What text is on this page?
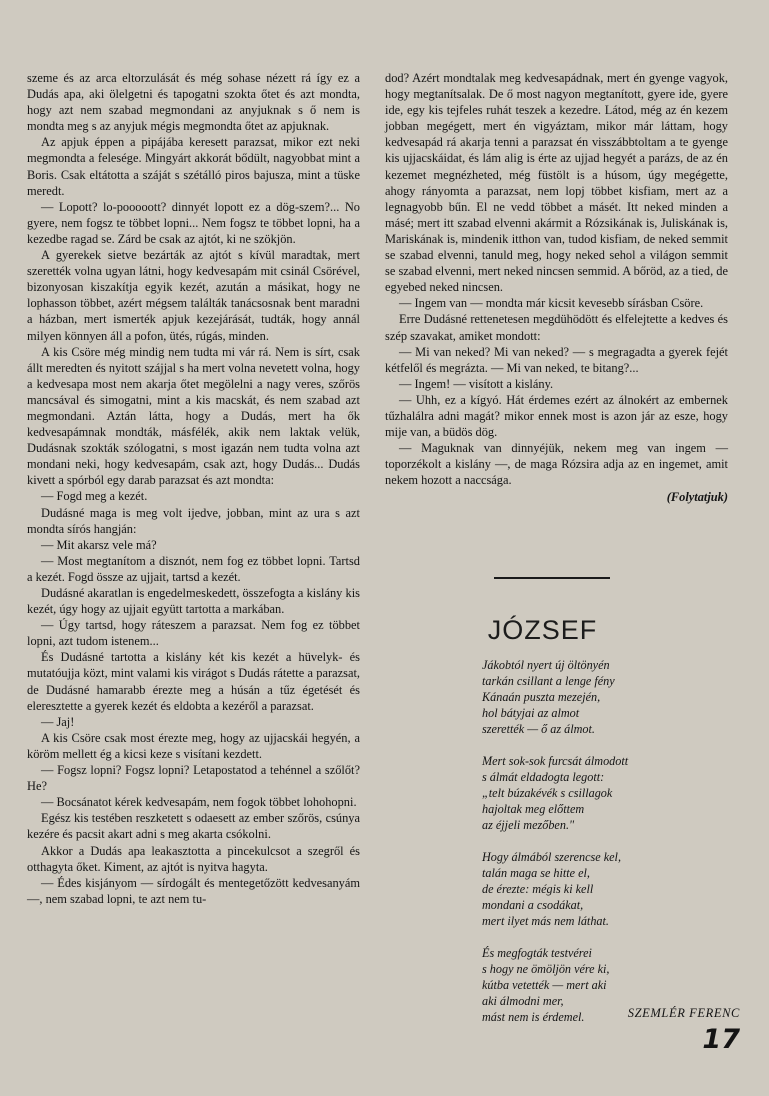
szeme és az arca eltorzulását és még sohase nézett rá így ez a Dudás apa, aki ölelgetni és tapogatni szokta őtet és azt mondta, hogy azt nem szabad megmondani az anyjuknak s ő nem is mondta meg s az anyjuk mégis megmondta őtet az apjuknak.

Az apjuk éppen a pipájába keresett parazsat, mikor ezt neki megmondta a felesége. Mingyárt akkorát bődült, nagyobbat mint a Boris. Csak eltátotta a száját s szétálló piros bajusza, mint a tüske meredt.

— Lopott? lo-pooooott? dinnyét lopott ez a dög-szem?... No gyere, nem fogsz te többet lopni... Nem fogsz te többet lopni, ha a kezedbe ragad se. Zárd be csak az ajtót, ki ne szökjön.

A gyerekek sietve bezárták az ajtót s kívül maradtak, mert szerették volna ugyan látni, hogy kedvesapám mit csinál Csörével, bizonyosan kiszakítja egyik kezét, azután a másikat, hogy ne lophasson többet, azért mégsem találták tanácsosnak bent maradni a házban, mert ismerték apjuk kezejárását, tudták, hogy annál milyen könnyen áll a pofon, ütés, rúgás, minden.

A kis Csöre még mindig nem tudta mi vár rá. Nem is sírt, csak állt meredten és nyitott szájjal s ha mert volna nevetett volna, hogy a kedvesapa most nem akarja őtet megölelni a nagy veres, szőrös mancsával és simogatni, mint a kis macskát, és nem szabad azt megmondani. Aztán látta, hogy a Dudás, mert ha ők kedvesapámnak mondták, másfélék, akik nem laktak velük, Dudásnak szokták szólogatni, s most igazán nem tudta volna azt mondani neki, hogy kedvesapám, csak azt, hogy Dudás... Dudás kivett a spórból egy darab parazsat és azt mondta:

— Fogd meg a kezét.

Dudásné maga is meg volt ijedve, jobban, mint az ura s azt mondta sírós hangján:

— Mit akarsz vele má?

— Most megtanítom a disznót, nem fog ez többet lopni. Tartsd a kezét. Fogd össze az ujjait, tartsd a kezét.

Dudásné akaratlan is engedelmeskedett, összefogta a kislány kis kezét, úgy hogy az ujjait együtt tartotta a markában.

— Úgy tartsd, hogy ráteszem a parazsat. Nem fog ez többet lopni, azt tudom istenem...

És Dudásné tartotta a kislány két kis kezét a hüvelyk- és mutatóujja közt, mint valami kis virágot s Dudás rátette a parazsat, de Dudásné hamarabb érezte meg a húsán a tűz égetését és eleresztette a gyerek kezét és eldobta a kezéről a parazsat.

— Jaj!

A kis Csöre csak most érezte meg, hogy az ujjacskái hegyén, a köröm mellett ég a kicsi keze s visítani kezdett.

— Fogsz lopni? Fogsz lopni? Letapostatod a tehénnel a szőlőt? He?

— Bocsánatot kérek kedvesapám, nem fogok többet lohohopni.

Egész kis testében reszketett s odaesett az ember szőrös, csúnya kezére és pacsit akart adni s meg akarta csókolni.

Akkor a Dudás apa leakasztotta a pincekulcsot a szegről és otthagyta őket. Kiment, az ajtót is nyitva hagyta.

— Édes kisjányom — sírdogált és mentegetőzött kedvesanyám —, nem szabad lopni, te azt nem tu-

dod? Azért mondtalak meg kedvesapádnak, mert én gyenge vagyok, hogy megtanítsalak. De ő most nagyon megtanított, gyere ide, gyere ide, egy kis tejfeles ruhát teszek a kezedre. Látod, még az én kezem jobban megégett, mert én vigyáztam, mikor már láttam, hogy kedvesapád rá akarja tenni a parazsat én visszábbtoltam a te gyenge kis ujjacskáidat, és lám alig is érte az ujjad hegyét a parázs, de az én kezemet megnézheted, még füstölt is a húsom, úgy megégette, ahogy rányomta a parazsat, nem lopj többet kisfiam, mert az a legnagyobb bűn. El ne vedd többet a másét. Itt neked minden a másé; mert itt szabad elvenni akármit a Rózsikának is, Juliskának is, Mariskának is, mindenik itthon van, tudod kisfiam, de neked semmit se szabad elvenni, tanuld meg, hogy neked sehol a világon semmit se szabad elvenni, mert neked nincsen semmid. A bőröd, az a tied, de egyebed neked nincsen.

— Ingem van — mondta már kicsit kevesebb sírásban Csöre.

Erre Dudásné rettenetesen megdühödött és elfelejtette a kedves és szép szavakat, amiket mondott:

— Mi van neked? Mi van neked? — s megragadta a gyerek fejét kétfelől és megrázta. — Mi van neked, te bitang?...

— Ingem! — visított a kislány.

— Uhh, ez a kígyó. Hát érdemes ezért az álnokért az embernek tűzhalálra adni magát? mikor ennek most is azon jár az esze, hogy mije van, a büdös dög.

— Maguknak van dinnyéjük, nekem meg van ingem — toporzékolt a kislány —, de maga Rózsira adja az en ingemet, amit nekem hozott a naccsága.

(Folytatjuk)

JÓZSEF
Jákobtól nyert új öltönyén
tarkán csillant a lenge fény
Kánaán puszta mezején,
hol bátyjai az almot
szerették — ő az álmot.
Mert sok-sok furcsát álmodott
s álmát eldadogta legott:
„telt búzakévék s csillagok
hajoltak meg előttem
az éjjeli mezőben."
Hogy álmából szerencse kel,
talán maga se hitte el,
de érezte: mégis ki kell
mondani a csodákat,
mert ilyet más nem láthat.
És megfogták testvérei
s hogy ne ömöljön vére ki,
kútba vetették — mert aki
aki álmodni mer,
mást nem is érdemel.	SZEMLÉR FERENC
17
